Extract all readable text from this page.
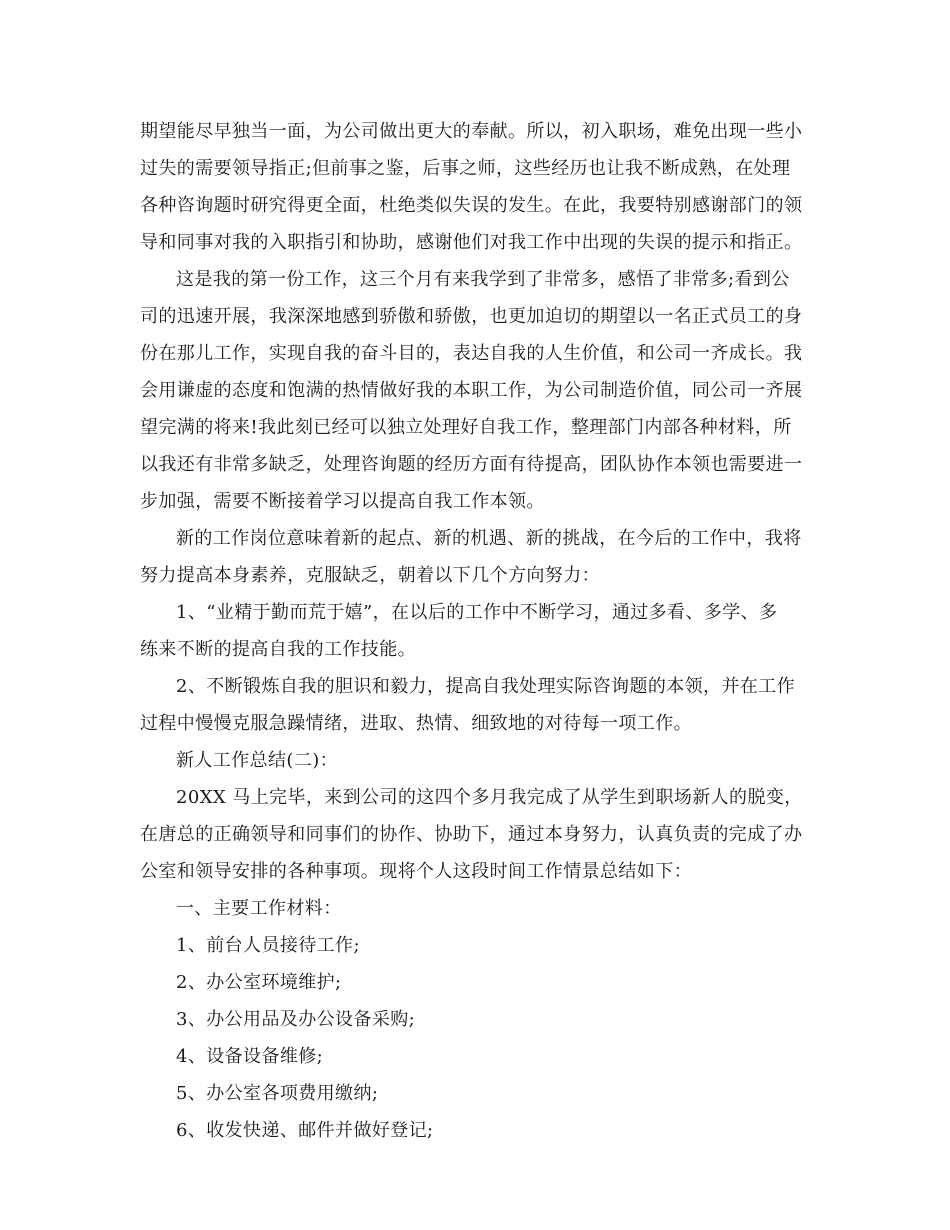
期望能尽早独当一面，为公司做出更大的奉献。所以，初入职场，难免出现一些小
过失的需要领导指正;但前事之鉴，后事之师，这些经历也让我不断成熟，在处理
各种咨询题时研究得更全面，杜绝类似失误的发生。在此，我要特别感谢部门的领
导和同事对我的入职指引和协助，感谢他们对我工作中出现的失误的提示和指正。
这是我的第一份工作，这三个月有来我学到了非常多，感悟了非常多;看到公
司的迅速开展，我深深地感到骄傲和骄傲，也更加迫切的期望以一名正式员工的身
份在那儿工作，实现自我的奋斗目的，表达自我的人生价值，和公司一齐成长。我
会用谦虚的态度和饱满的热情做好我的本职工作，为公司制造价值，同公司一齐展
望完满的将来!我此刻已经可以独立处理好自我工作，整理部门内部各种材料，所
以我还有非常多缺乏，处理咨询题的经历方面有待提高，团队协作本领也需要进一
步加强，需要不断接着学习以提高自我工作本领。
新的工作岗位意味着新的起点、新的机遇、新的挑战，在今后的工作中，我将
努力提高本身素养，克服缺乏，朝着以下几个方向努力：
1、“业精于勤而荒于嬉”，在以后的工作中不断学习，通过多看、多学、多
练来不断的提高自我的工作技能。
2、不断锻炼自我的胆识和毅力，提高自我处理实际咨询题的本领，并在工作
过程中慢慢克服急躁情绪，进取、热情、细致地的对待每一项工作。
新人工作总结(二)：
20XX 马上完毕，来到公司的这四个多月我完成了从学生到职场新人的脱变，
在唐总的正确领导和同事们的协作、协助下，通过本身努力，认真负责的完成了办
公室和领导安排的各种事项。现将个人这段时间工作情景总结如下：
一、主要工作材料：
1、前台人员接待工作;
2、办公室环境维护;
3、办公用品及办公设备采购;
4、设备设备维修;
5、办公室各项费用缴纳;
6、收发快递、邮件并做好登记;
